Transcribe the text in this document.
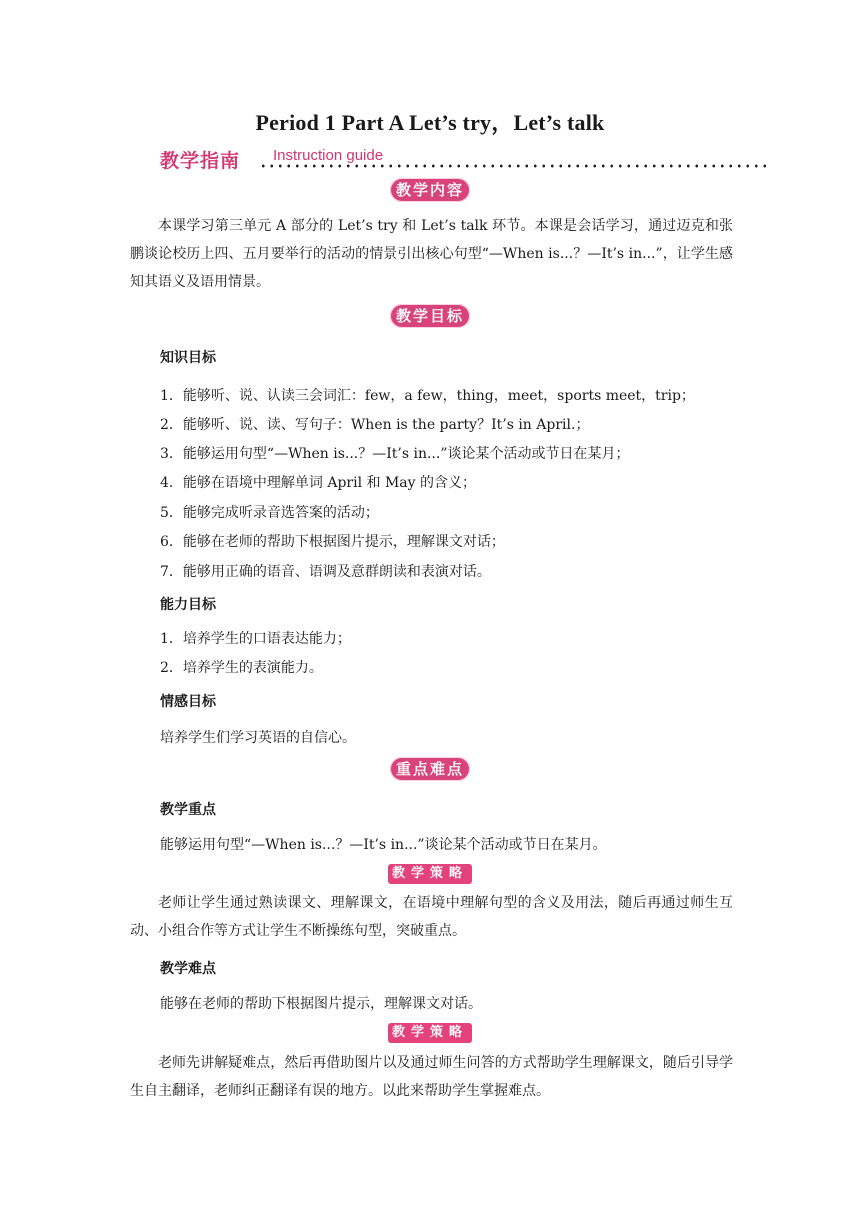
Period 1 Part A Let’s try，Let’s talk
教学指南 Instruction guide
教学内容
本课学习第三单元 A 部分的 Let’s try 和 Let’s talk 环节。本课是会话学习，通过迈克和张鹏谈论校历上四、五月要举行的活动的情景引出核心句型“—When is...？—It’s in...”，让学生感知其语义及语用情景。
教学目标
知识目标
1．能够听、说、认读三会词汇：few，a few，thing，meet，sports meet，trip；
2．能够听、说、读、写句子：When is the party？It’s in April.；
3．能够运用句型“—When is...？—It’s in...”谈论某个活动或节日在某月；
4．能够在语境中理解单词 April 和 May 的含义；
5．能够完成听录音选答案的活动；
6．能够在老师的帮助下根据图片提示，理解课文对话；
7．能够用正确的语音、语调及意群朗读和表演对话。
能力目标
1．培养学生的口语表达能力；
2．培养学生的表演能力。
情感目标
培养学生们学习英语的自信心。
重点难点
教学重点
能够运用句型“—When is...？—It’s in...”谈论某个活动或节日在某月。
教学策略
老师让学生通过熟读课文、理解课文，在语境中理解句型的含义及用法，随后再通过师生互动、小组合作等方式让学生不断操练句型，突破重点。
教学难点
能够在老师的帮助下根据图片提示，理解课文对话。
教学策略
老师先讲解疑难点，然后再借助图片以及通过师生问答的方式帮助学生理解课文，随后引导学生自主翻译，老师纠正翻译有误的地方。以此来帮助学生掌握难点。
